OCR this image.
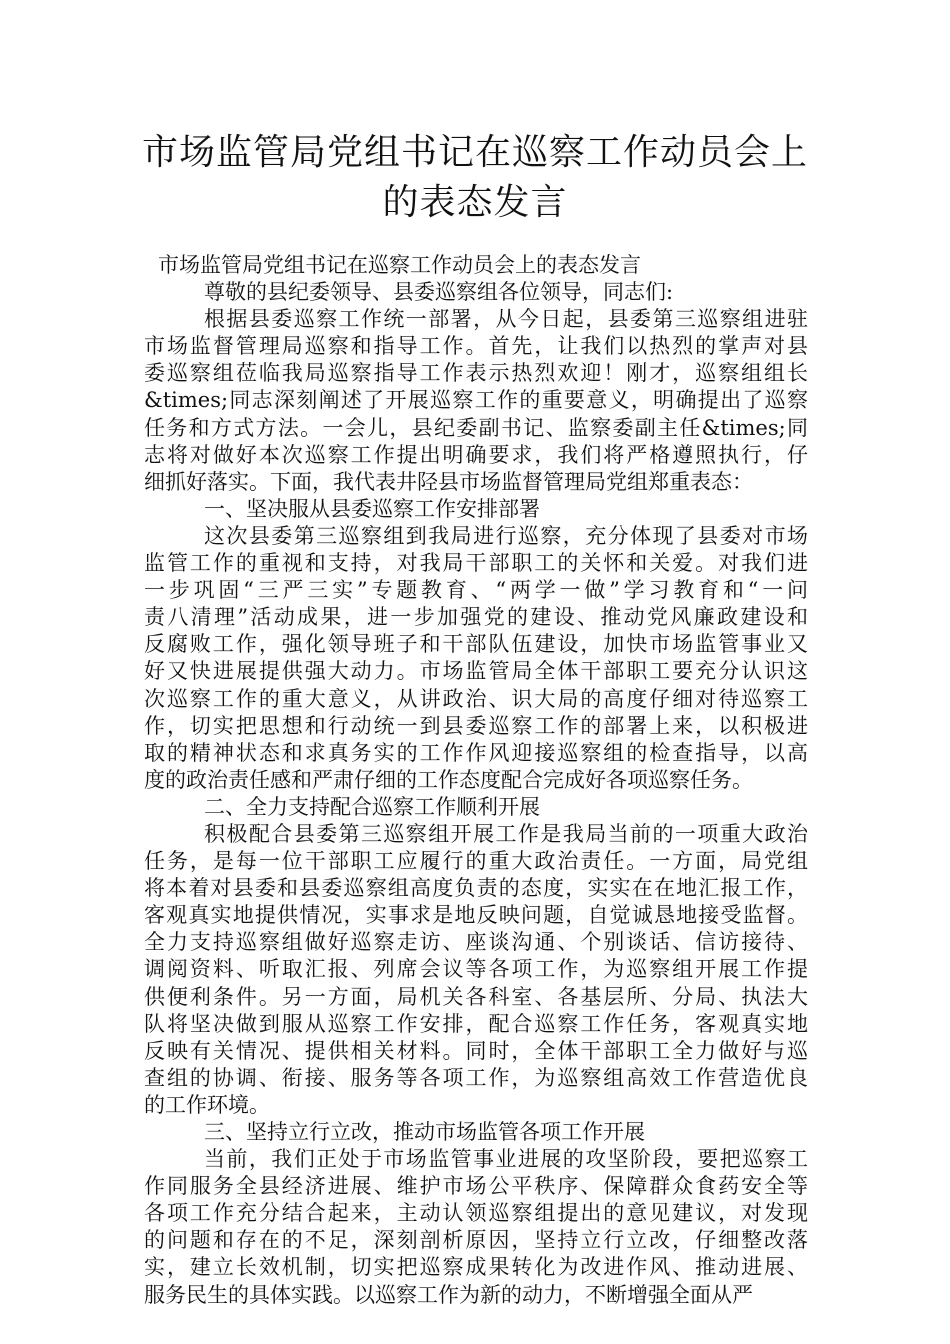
市场监管局党组书记在巡察工作动员会上
的表态发言

市场监管局党组书记在巡察工作动员会上的表态发言

尊敬的县纪委领导、县委巡察组各位领导，同志们:

根据县委巡察工作统一部署，从今日起，县委第三巡察组进驻
市场监督管理局巡察和指导工作。首先，让我们以热烈的掌声对县
委巡察组莅临我局巡察指导工作表示热烈欢迎！刚才，巡察组组长
&times;同志深刻阐述了开展巡察工作的重要意义，明确提出了巡察
任务和方式方法。一会儿，县纪委副书记、监察委副主任&times;同
志将对做好本次巡察工作提出明确要求，我们将严格遵照执行，仔
细抓好落实。下面，我代表井陉县市场监督管理局党组郑重表态：

一、坚决服从县委巡察工作安排部署

这次县委第三巡察组到我局进行巡察，充分体现了县委对市场
监管工作的重视和支持，对我局干部职工的关怀和关爱。对我们进
一步巩固“三严三实”专题教育、“两学一做”学习教育和“一问
责八清理”活动成果，进一步加强党的建设、推动党风廉政建设和
反腐败工作，强化领导班子和干部队伍建设，加快市场监管事业又
好又快进展提供强大动力。市场监管局全体干部职工要充分认识这
次巡察工作的重大意义，从讲政治、识大局的高度仔细对待巡察工
作，切实把思想和行动统一到县委巡察工作的部署上来，以积极进
取的精神状态和求真务实的工作作风迎接巡察组的检查指导，以高
度的政治责任感和严肃仔细的工作态度配合完成好各项巡察任务。

二、全力支持配合巡察工作顺利开展

积极配合县委第三巡察组开展工作是我局当前的一项重大政治
任务，是每一位干部职工应履行的重大政治责任。一方面，局党组
将本着对县委和县委巡察组高度负责的态度，实实在在地汇报工作，
客观真实地提供情况，实事求是地反映问题，自觉诚恳地接受监督。
全力支持巡察组做好巡察走访、座谈沟通、个别谈话、信访接待、
调阅资料、听取汇报、列席会议等各项工作，为巡察组开展工作提
供便利条件。另一方面，局机关各科室、各基层所、分局、执法大
队将坚决做到服从巡察工作安排，配合巡察工作任务，客观真实地
反映有关情况、提供相关材料。同时，全体干部职工全力做好与巡
查组的协调、衔接、服务等各项工作，为巡察组高效工作营造优良
的工作环境。

三、坚持立行立改，推动市场监管各项工作开展

当前，我们正处于市场监管事业进展的攻坚阶段，要把巡察工
作同服务全县经济进展、维护市场公平秩序、保障群众食药安全等
各项工作充分结合起来，主动认领巡察组提出的意见建议，对发现
的问题和存在的不足，深刻剖析原因，坚持立行立改，仔细整改落
实，建立长效机制，切实把巡察成果转化为改进作风、推动进展、
服务民生的具体实践。以巡察工作为新的动力，不断增强全面从严
